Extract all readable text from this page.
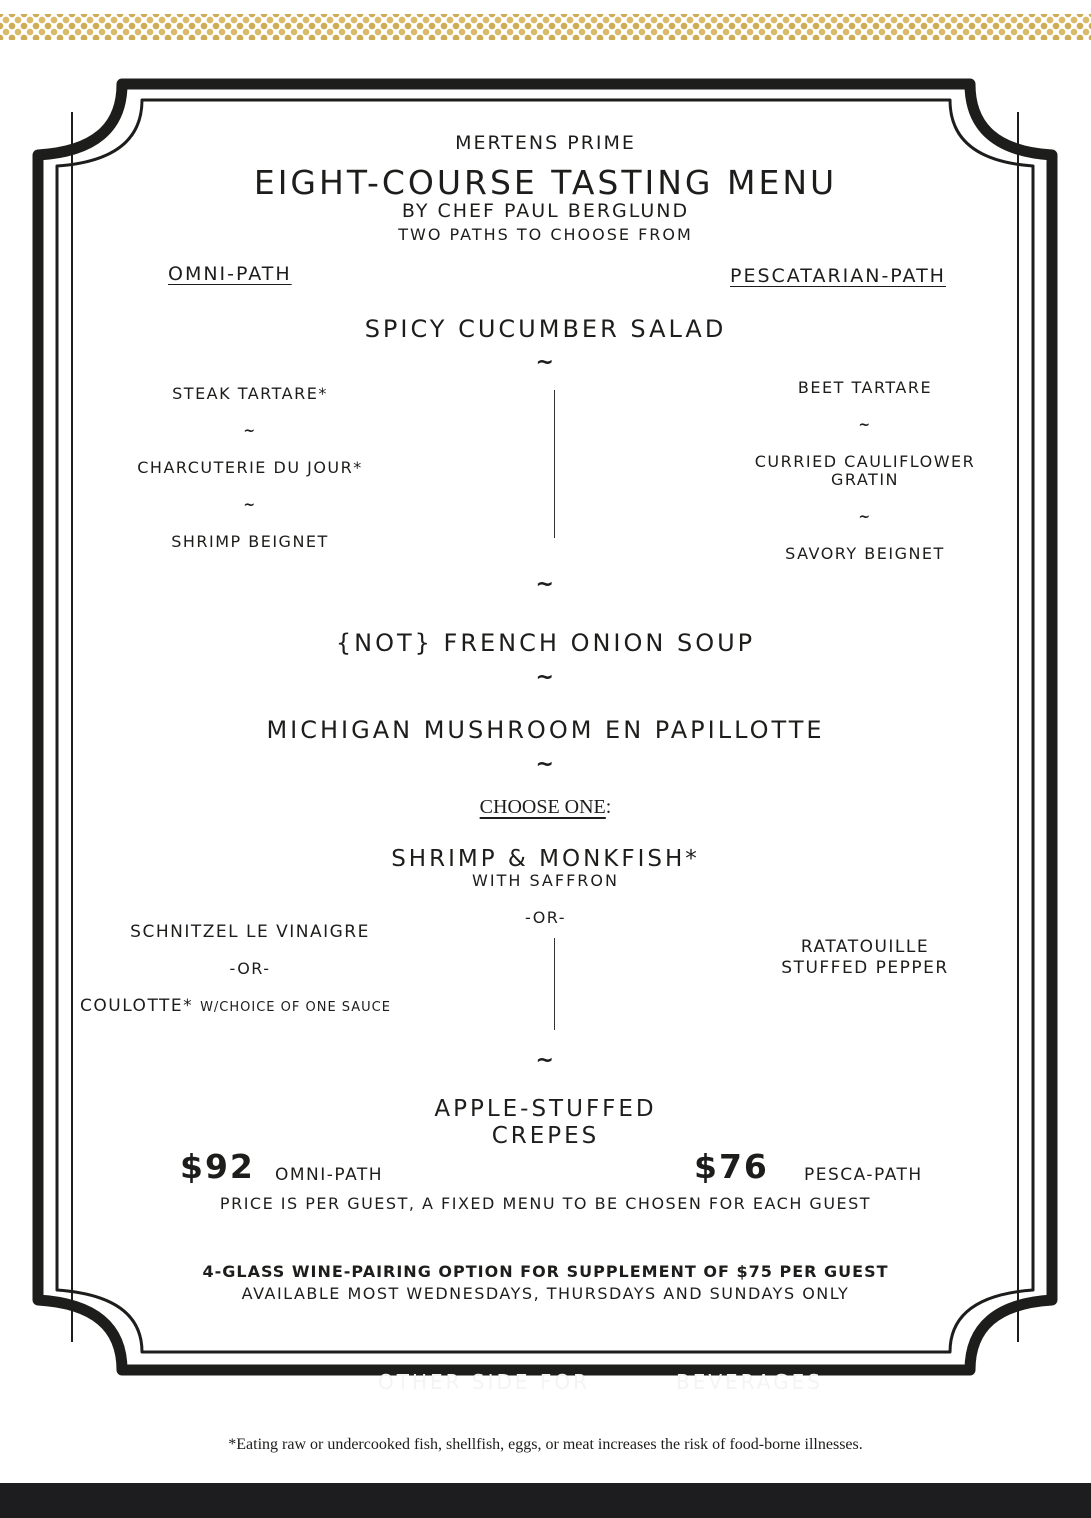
MERTENS PRIME

EIGHT-COURSE TASTING MENU

BY CHEF PAUL BERGLUND

TWO PATHS TO CHOOSE FROM

OMNI-PATH	PESCATARIAN-PATH

SPICY CUCUMBER SALAD

~

STEAK TARTARE*

~

CHARCUTERIE DU JOUR*

~

SHRIMP BEIGNET

BEET TARTARE

~

CURRIED CAULIFLOWER

GRATIN

~

SAVORY BEIGNET

~

{NOT} FRENCH ONION SOUP

~

MICHIGAN MUSHROOM EN PAPILLOTTE

~

CHOOSE ONE:

SHRIMP & MONKFISH*

WITH SAFFRON

-OR-

SCHNITZEL LE VINAIGRE

-OR-

COULOTTE* W/CHOICE OF ONE SAUCE

RATATOUILLE

STUFFED PEPPER

~

APPLE-STUFFED

CREPES

$92 OMNI-PATH	$76 PESCA-PATH

PRICE IS PER GUEST, A FIXED MENU TO BE CHOSEN FOR EACH GUEST

4-GLASS WINE-PAIRING OPTION FOR SUPPLEMENT OF $75 PER GUEST

AVAILABLE MOST WEDNESDAYS, THURSDAYS AND SUNDAYS ONLY

OTHER SIDE FOR	BEVERAGES

*Eating raw or undercooked fish, shellfish, eggs, or meat increases the risk of food-borne illnesses.
